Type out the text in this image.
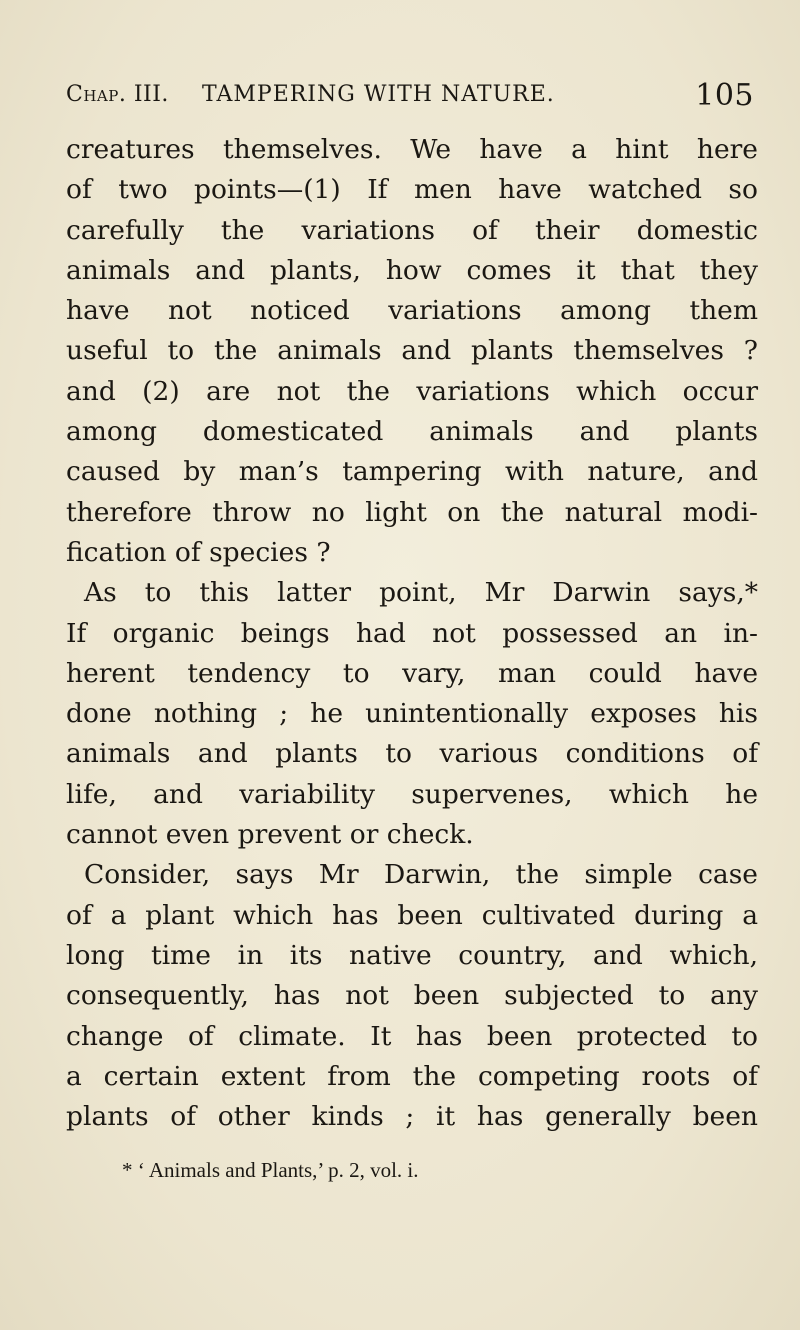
Chap. III. TAMPERING WITH NATURE.	105
creatures themselves. We have a hint here
of two points—(1) If men have watched so
carefully the variations of their domestic
animals and plants, how comes it that they
have not noticed variations among them
useful to the animals and plants themselves ?
and (2) are not the variations which occur
among domesticated animals and plants
caused by man’s tampering with nature, and
therefore throw no light on the natural modi-
fication of species ?
As to this latter point, Mr Darwin says,*
If organic beings had not possessed an in-
herent tendency to vary, man could have
done nothing ; he unintentionally exposes his
animals and plants to various conditions of
life, and variability supervenes, which he
cannot even prevent or check.
Consider, says Mr Darwin, the simple case
of a plant which has been cultivated during a
long time in its native country, and which,
consequently, has not been subjected to any
change of climate. It has been protected to
a certain extent from the competing roots of
plants of other kinds ; it has generally been
* ‘ Animals and Plants,’ p. 2, vol. i.
